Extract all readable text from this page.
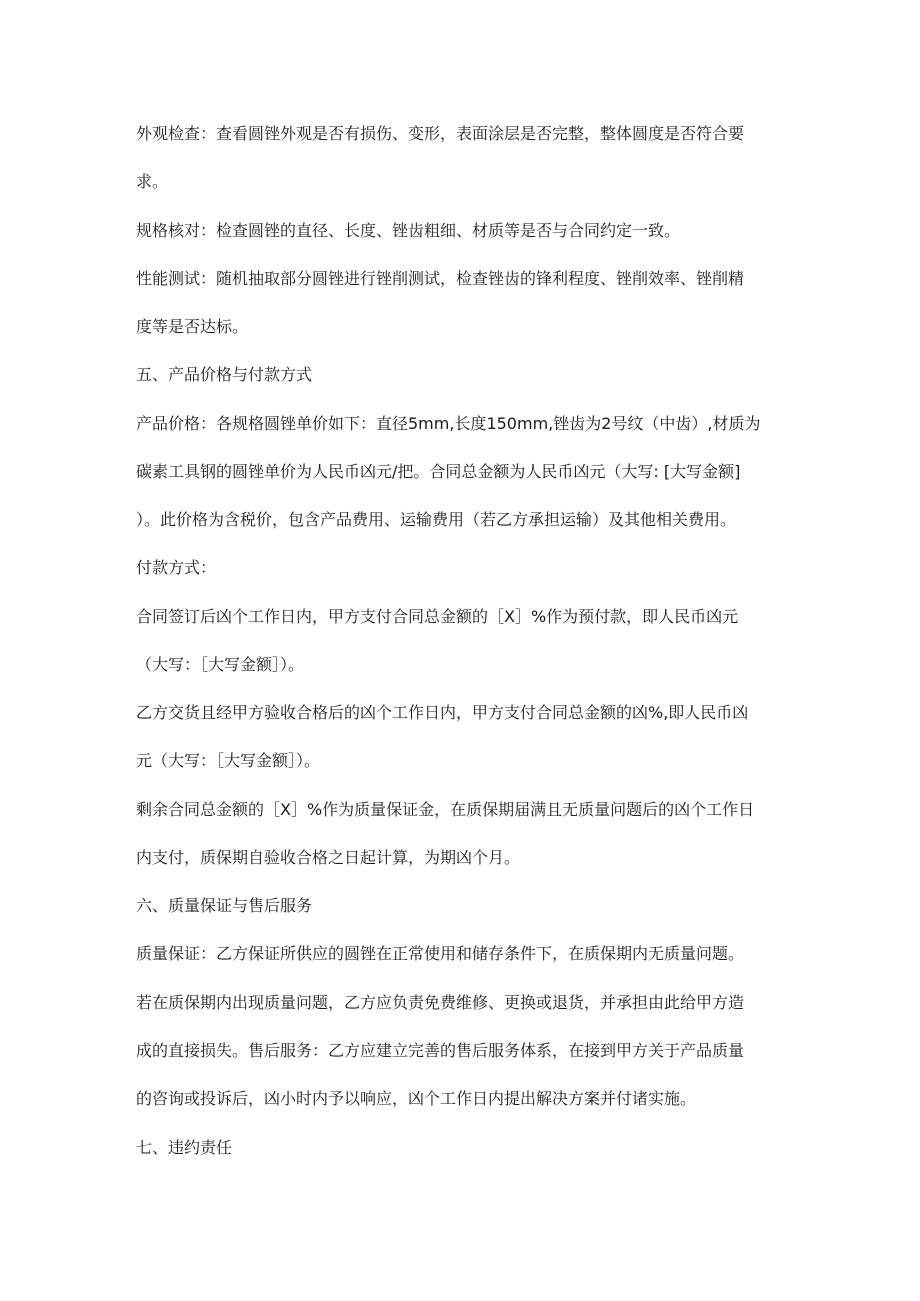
外观检查：查看圆锉外观是否有损伤、变形，表面涂层是否完整，整体圆度是否符合要

求。

规格核对：检查圆锉的直径、长度、锉齿粗细、材质等是否与合同约定一致。

性能测试：随机抽取部分圆锉进行锉削测试，检查锉齿的锋利程度、锉削效率、锉削精

度等是否达标。

五、产品价格与付款方式

产品价格：各规格圆锉单价如下：直径5mm,长度150mm,锉齿为2号纹（中齿）,材质为

碳素工具钢的圆锉单价为人民币凶元/把。合同总金额为人民币凶元（大写: [大写金额]

）。此价格为含税价，包含产品费用、运输费用（若乙方承担运输）及其他相关费用。

付款方式：

合同签订后凶个工作日内，甲方支付合同总金额的［X］%作为预付款，即人民币凶元

（大写：［大写金额］）。

乙方交货且经甲方验收合格后的凶个工作日内，甲方支付合同总金额的凶%,即人民币凶

元（大写：［大写金额］）。

剩余合同总金额的［X］%作为质量保证金，在质保期届满且无质量问题后的凶个工作日

内支付，质保期自验收合格之日起计算，为期凶个月。

六、质量保证与售后服务

质量保证：乙方保证所供应的圆锉在正常使用和储存条件下，在质保期内无质量问题。

若在质保期内出现质量问题，乙方应负责免费维修、更换或退货，并承担由此给甲方造

成的直接损失。售后服务：乙方应建立完善的售后服务体系，在接到甲方关于产品质量

的咨询或投诉后，凶小时内予以响应，凶个工作日内提出解决方案并付诸实施。

七、违约责任
